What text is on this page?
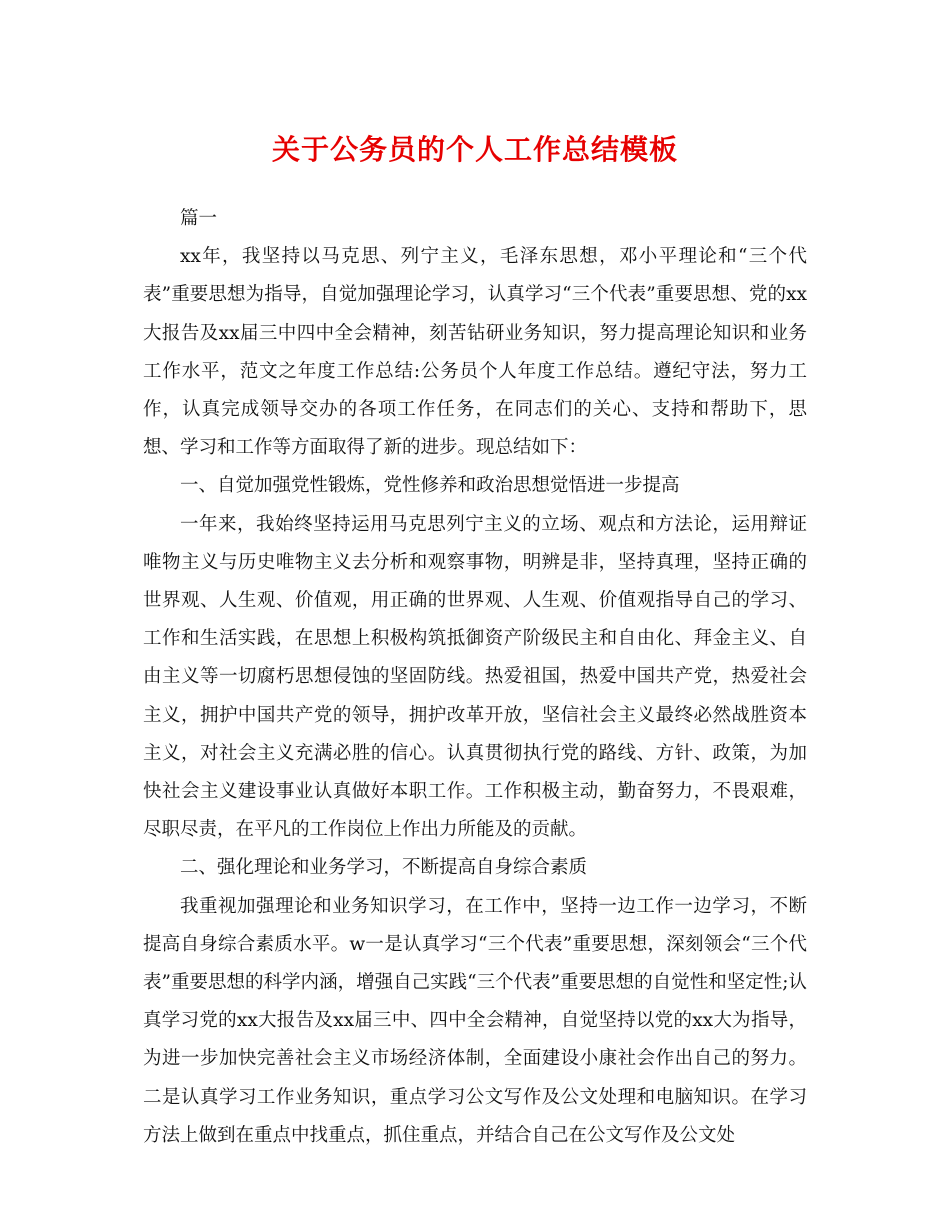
关于公务员的个人工作总结模板

篇一

xx年，我坚持以马克思、列宁主义，毛泽东思想，邓小平理论和“三个代表”重要思想为指导，自觉加强理论学习，认真学习“三个代表”重要思想、党的xx大报告及xx届三中四中全会精神，刻苦钻研业务知识，努力提高理论知识和业务工作水平，范文之年度工作总结:公务员个人年度工作总结。遵纪守法，努力工作，认真完成领导交办的各项工作任务，在同志们的关心、支持和帮助下，思想、学习和工作等方面取得了新的进步。现总结如下：

一、自觉加强党性锻炼，党性修养和政治思想觉悟进一步提高

一年来，我始终坚持运用马克思列宁主义的立场、观点和方法论，运用辩证唯物主义与历史唯物主义去分析和观察事物，明辨是非，坚持真理，坚持正确的世界观、人生观、价值观，用正确的世界观、人生观、价值观指导自己的学习、工作和生活实践，在思想上积极构筑抵御资产阶级民主和自由化、拜金主义、自由主义等一切腐朽思想侵蚀的坚固防线。热爱祖国，热爱中国共产党，热爱社会主义，拥护中国共产党的领导，拥护改革开放，坚信社会主义最终必然战胜资本主义，对社会主义充满必胜的信心。认真贯彻执行党的路线、方针、政策，为加快社会主义建设事业认真做好本职工作。工作积极主动，勤奋努力，不畏艰难，尽职尽责，在平凡的工作岗位上作出力所能及的贡献。

二、强化理论和业务学习，不断提高自身综合素质

我重视加强理论和业务知识学习，在工作中，坚持一边工作一边学习，不断提高自身综合素质水平。w一是认真学习“三个代表”重要思想，深刻领会“三个代表”重要思想的科学内涵，增强自己实践“三个代表”重要思想的自觉性和坚定性;认真学习党的xx大报告及xx届三中、四中全会精神，自觉坚持以党的xx大为指导，为进一步加快完善社会主义市场经济体制，全面建设小康社会作出自己的努力。二是认真学习工作业务知识，重点学习公文写作及公文处理和电脑知识。在学习方法上做到在重点中找重点，抓住重点，并结合自己在公文写作及公文处
